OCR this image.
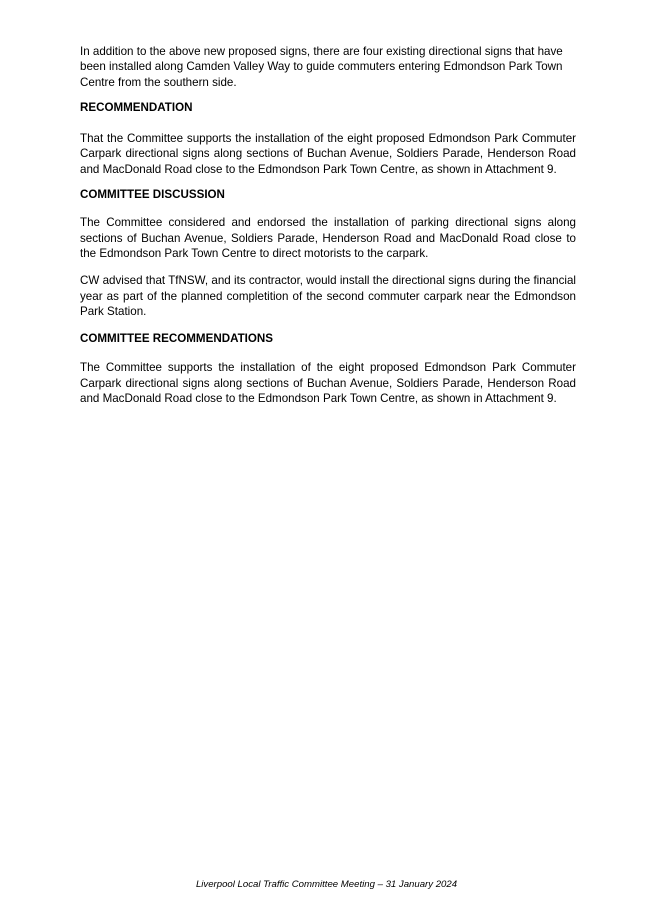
In addition to the above new proposed signs, there are four existing directional signs that have been installed along Camden Valley Way to guide commuters entering Edmondson Park Town Centre from the southern side.

RECOMMENDATION

That the Committee supports the installation of the eight proposed Edmondson Park Commuter Carpark directional signs along sections of Buchan Avenue, Soldiers Parade, Henderson Road and MacDonald Road close to the Edmondson Park Town Centre, as shown in Attachment 9.

COMMITTEE DISCUSSION

The Committee considered and endorsed the installation of parking directional signs along sections of Buchan Avenue, Soldiers Parade, Henderson Road and MacDonald Road close to the Edmondson Park Town Centre to direct motorists to the carpark.

CW advised that TfNSW, and its contractor, would install the directional signs during the financial year as part of the planned completition of the second commuter carpark near the Edmondson Park Station.

COMMITTEE RECOMMENDATIONS

The Committee supports the installation of the eight proposed Edmondson Park Commuter Carpark directional signs along sections of Buchan Avenue, Soldiers Parade, Henderson Road and MacDonald Road close to the Edmondson Park Town Centre, as shown in Attachment 9.

Liverpool Local Traffic Committee Meeting – 31 January 2024
